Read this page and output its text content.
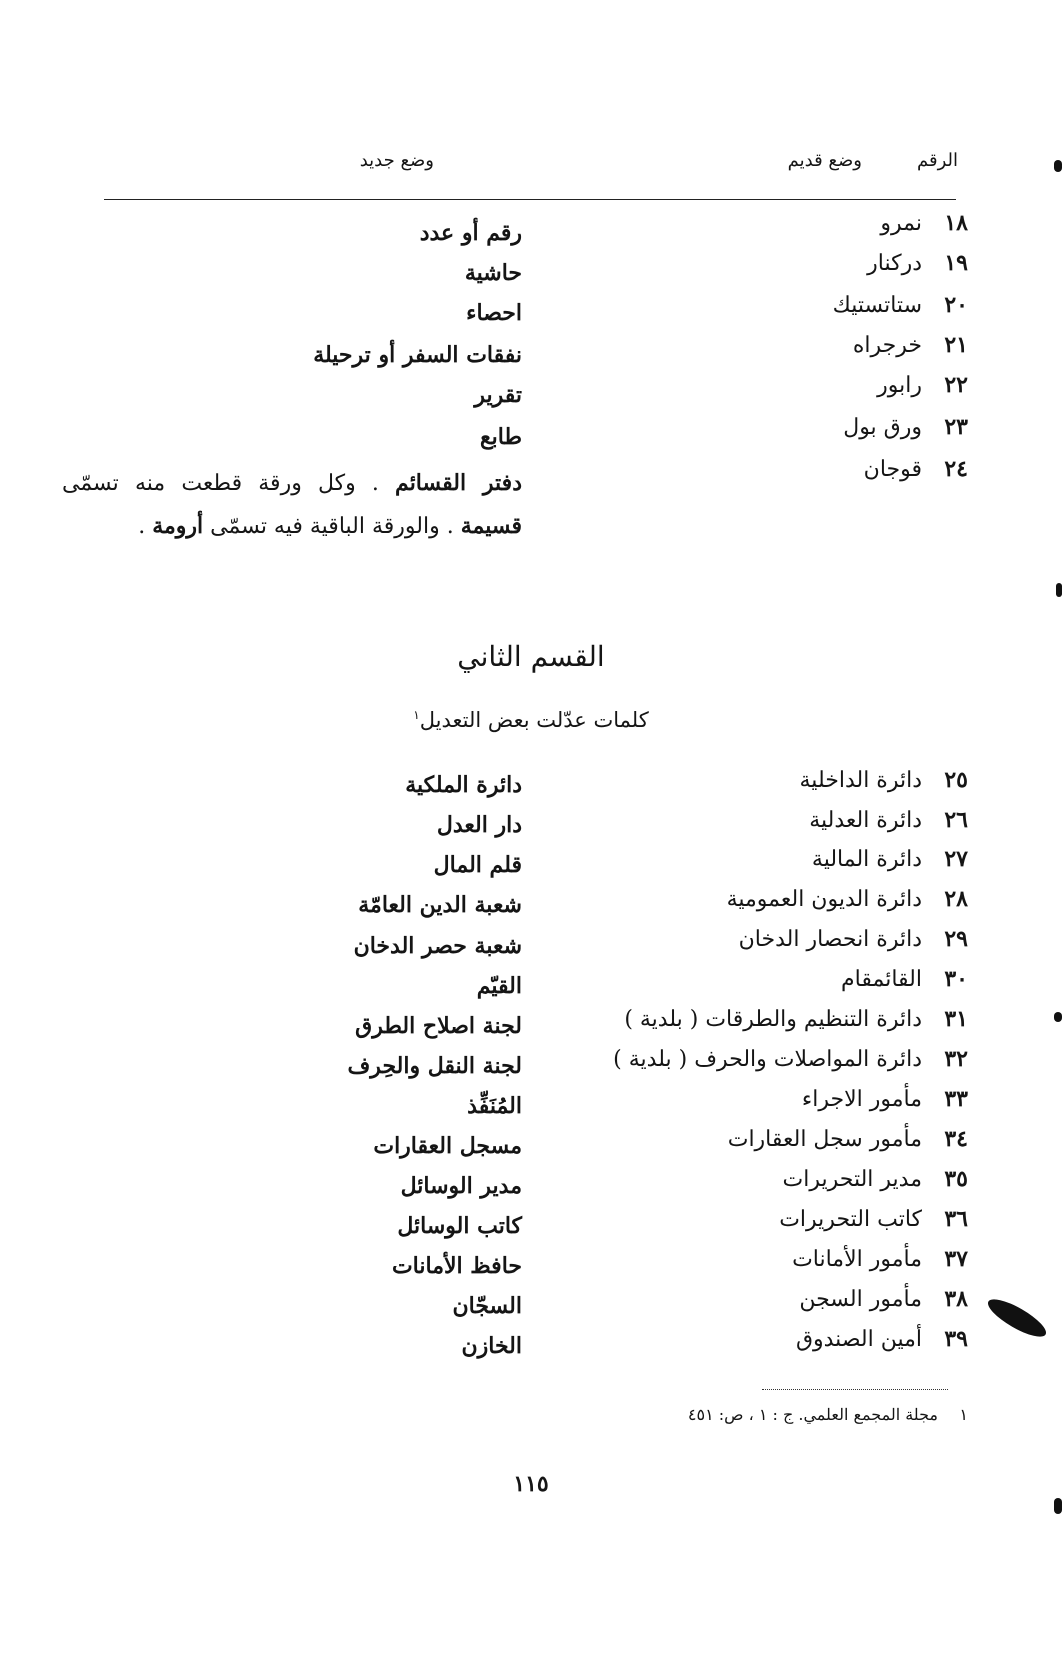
الرقم
وضع قديم
وضع جديد
١٨نمرو
رقم أو عدد
١٩دركنار
حاشية
٢٠ستاتستيك
احصاء
٢١خرجراه
نفقات السفر أو ترحيلة
٢٢رابور
تقرير
٢٣ورق بول
طابع
٢٤قوجان
دفتر القسائم . وكل ورقة قطعت منه تسمّى قسيمة . والورقة الباقية فيه تسمّى أرومة .
القسم الثاني
كلمات عدّلت بعض التعديل$^١$
٢٥دائرة الداخلية
دائرة الملكية
٢٦دائرة العدلية
دار العدل
٢٧دائرة المالية
قلم المال
٢٨دائرة الديون العمومية
شعبة الدين العامّة
٢٩دائرة انحصار الدخان
شعبة حصر الدخان
٣٠القائمقام
القيّم
٣١دائرة التنظيم والطرقات ( بلدية )
لجنة اصلاح الطرق
٣٢دائرة المواصلات والحرف ( بلدية )
لجنة النقل والحِرف
٣٣مأمور الاجراء
المُنَفِّذ
٣٤مأمور سجل العقارات
مسجل العقارات
٣٥مدير التحريرات
مدير الوسائل
٣٦كاتب التحريرات
كاتب الوسائل
٣٧مأمور الأمانات
حافظ الأمانات
٣٨مأمور السجن
السجّان
٣٩أمين الصندوق
الخازن
١مجلة المجمع العلمي. ج : ١ ، ص: ٤٥١
١١٥
